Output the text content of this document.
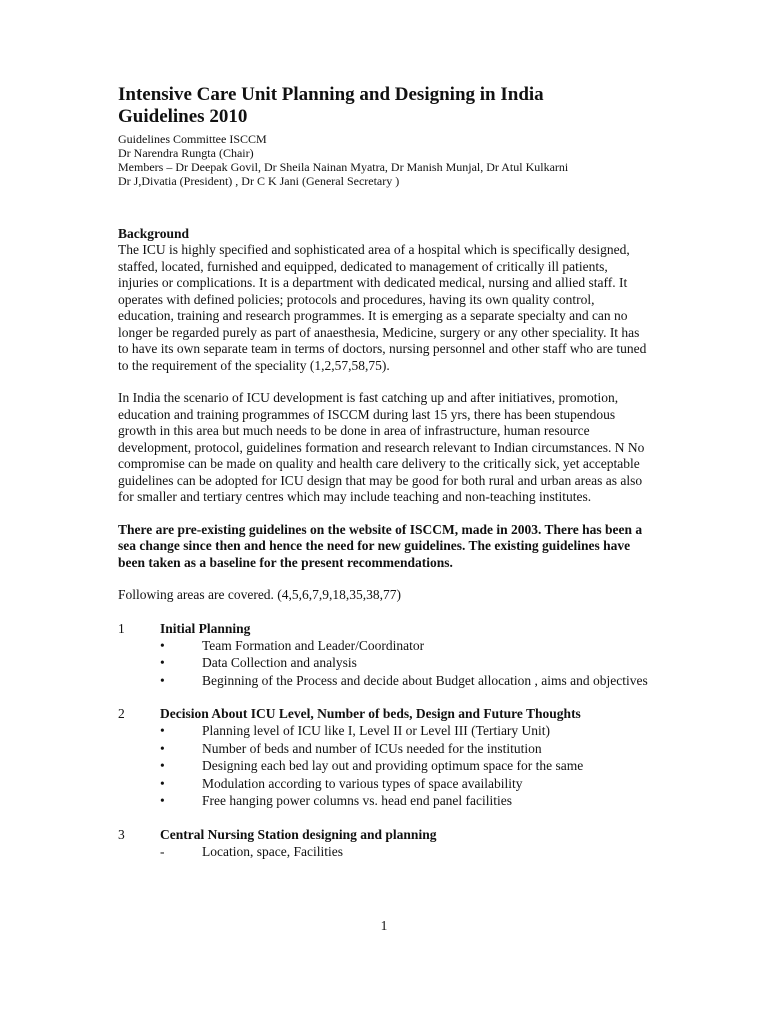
Intensive Care Unit Planning and Designing in India
Guidelines 2010
Guidelines Committee ISCCM
Dr Narendra Rungta (Chair)
Members – Dr Deepak Govil, Dr Sheila Nainan Myatra, Dr Manish Munjal, Dr Atul Kulkarni
Dr J,Divatia (President) , Dr C K Jani (General Secretary )
Background

The ICU is highly specified and sophisticated area of a hospital which is specifically designed, staffed, located, furnished and equipped, dedicated to management of critically ill patients, injuries or complications. It is a department with dedicated medical, nursing and allied staff. It operates with defined policies; protocols and procedures, having its own quality control, education, training and research programmes. It is emerging as a separate specialty and can no longer be regarded purely as part of anaesthesia, Medicine, surgery or any other speciality. It has to have its own separate team in terms of doctors, nursing personnel and other staff who are tuned to the requirement of the speciality (1,2,57,58,75).

In India the scenario of ICU development is fast catching up and after initiatives, promotion, education and training programmes of ISCCM during last 15 yrs, there has been stupendous growth in this area but much needs to be done in area of infrastructure, human resource development, protocol, guidelines formation and research relevant to Indian circumstances. N No compromise can be made on quality and health care delivery to the critically sick, yet acceptable guidelines can be adopted for ICU design that may be good for both rural and urban areas as also for smaller and tertiary centres which may include teaching and non-teaching institutes.

There are pre-existing guidelines on the website of ISCCM, made in 2003. There has been a sea change since then and hence the need for new guidelines. The existing guidelines have been taken as a baseline for the present recommendations.

Following areas are covered. (4,5,6,7,9,18,35,38,77)

1	Initial Planning
•	Team Formation and Leader/Coordinator
•	Data Collection and analysis
•	Beginning of the Process and decide about Budget allocation , aims and objectives
2	Decision About ICU Level, Number of beds, Design and Future Thoughts
•	Planning level of ICU like I, Level II or Level III (Tertiary Unit)
•	Number of beds and number of ICUs needed for the institution
•	Designing each bed lay out and providing optimum space for the same
•	Modulation according to various types of space availability
•	Free hanging power columns vs. head end panel facilities
3	Central Nursing Station designing and planning
-	Location, space, Facilities
1
